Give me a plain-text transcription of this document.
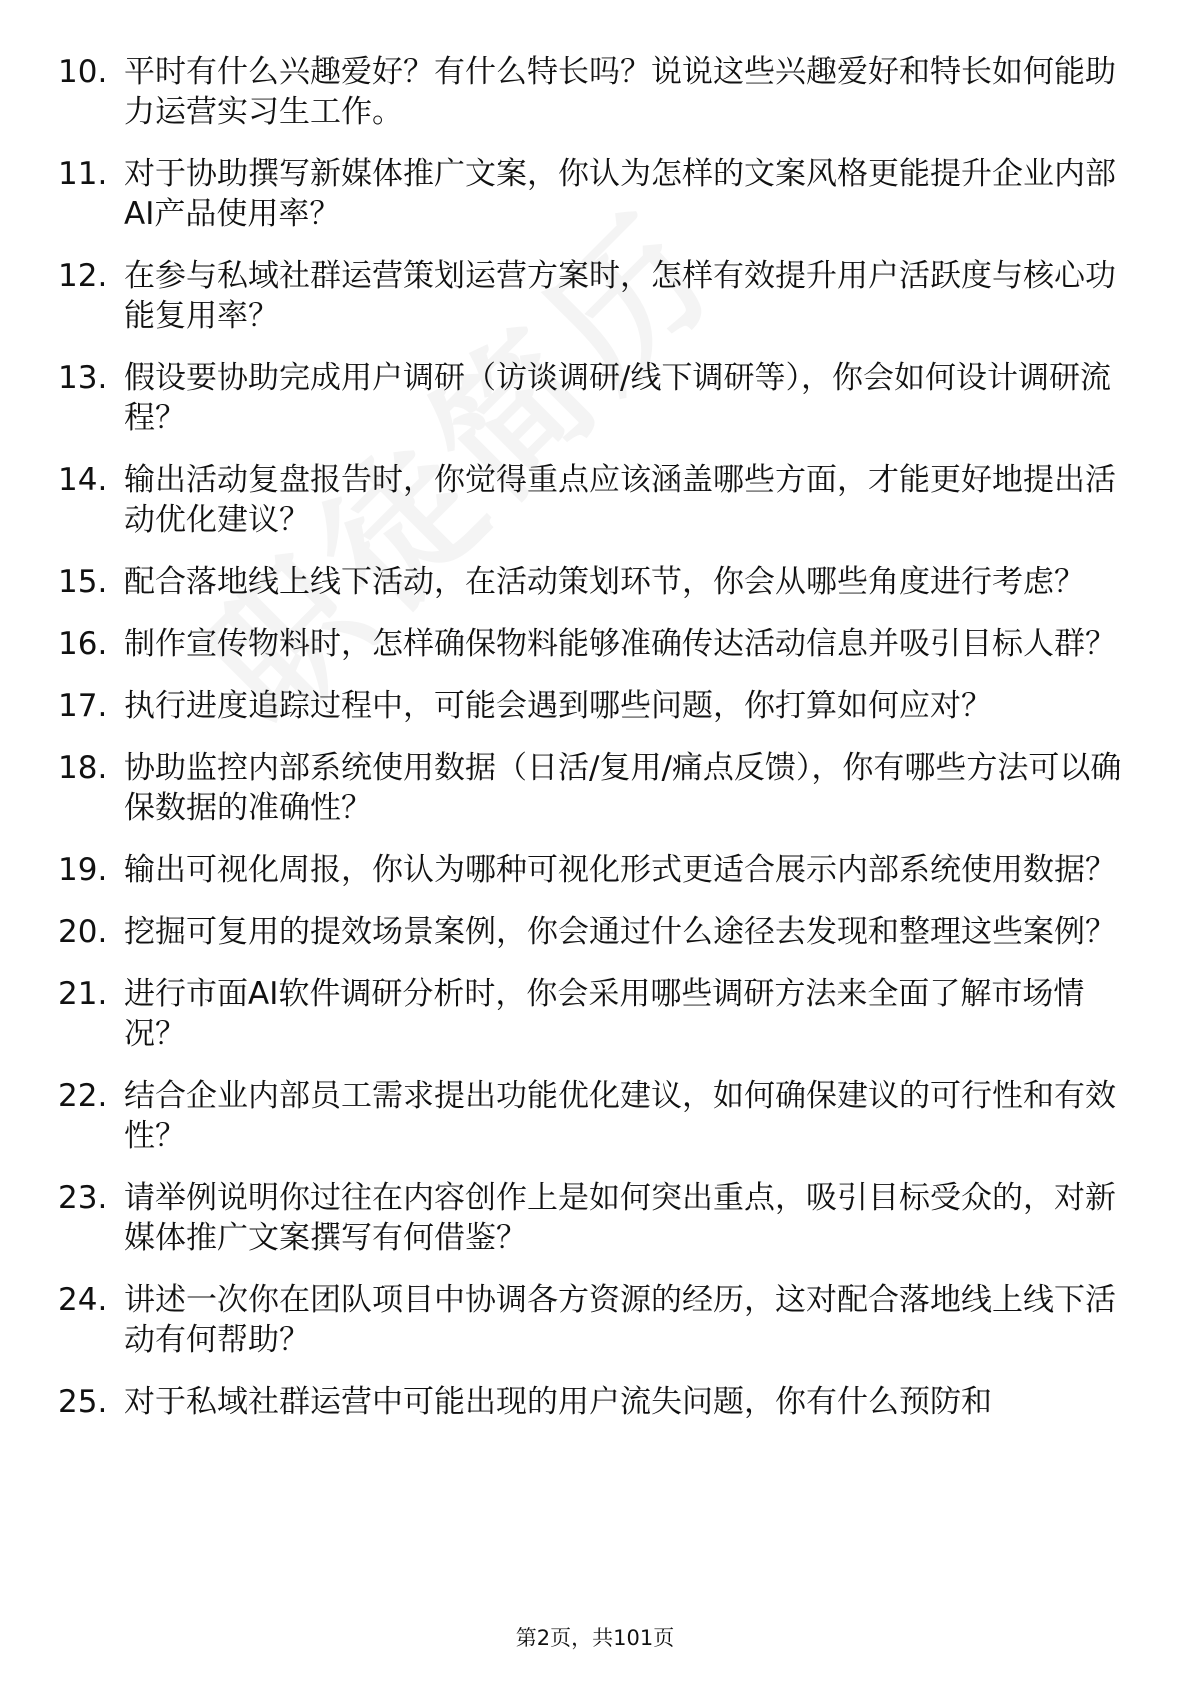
10. 平时有什么兴趣爱好？有什么特长吗？说说这些兴趣爱好和特长如何能助力运营实习生工作。
11. 对于协助撰写新媒体推广文案，你认为怎样的文案风格更能提升企业内部AI产品使用率？
12. 在参与私域社群运营策划运营方案时，怎样有效提升用户活跃度与核心功能复用率？
13. 假设要协助完成用户调研（访谈调研/线下调研等），你会如何设计调研流程？
14. 输出活动复盘报告时，你觉得重点应该涵盖哪些方面，才能更好地提出活动优化建议？
15. 配合落地线上线下活动，在活动策划环节，你会从哪些角度进行考虑？
16. 制作宣传物料时，怎样确保物料能够准确传达活动信息并吸引目标人群？
17. 执行进度追踪过程中，可能会遇到哪些问题，你打算如何应对？
18. 协助监控内部系统使用数据（日活/复用/痛点反馈），你有哪些方法可以确保数据的准确性？
19. 输出可视化周报，你认为哪种可视化形式更适合展示内部系统使用数据？
20. 挖掘可复用的提效场景案例，你会通过什么途径去发现和整理这些案例？
21. 进行市面AI软件调研分析时，你会采用哪些调研方法来全面了解市场情况？
22. 结合企业内部员工需求提出功能优化建议，如何确保建议的可行性和有效性？
23. 请举例说明你过往在内容创作上是如何突出重点，吸引目标受众的，对新媒体推广文案撰写有何借鉴？
24. 讲述一次你在团队项目中协调各方资源的经历，这对配合落地线上线下活动有何帮助？
25. 对于私域社群运营中可能出现的用户流失问题，你有什么预防和
第2页，共101页
